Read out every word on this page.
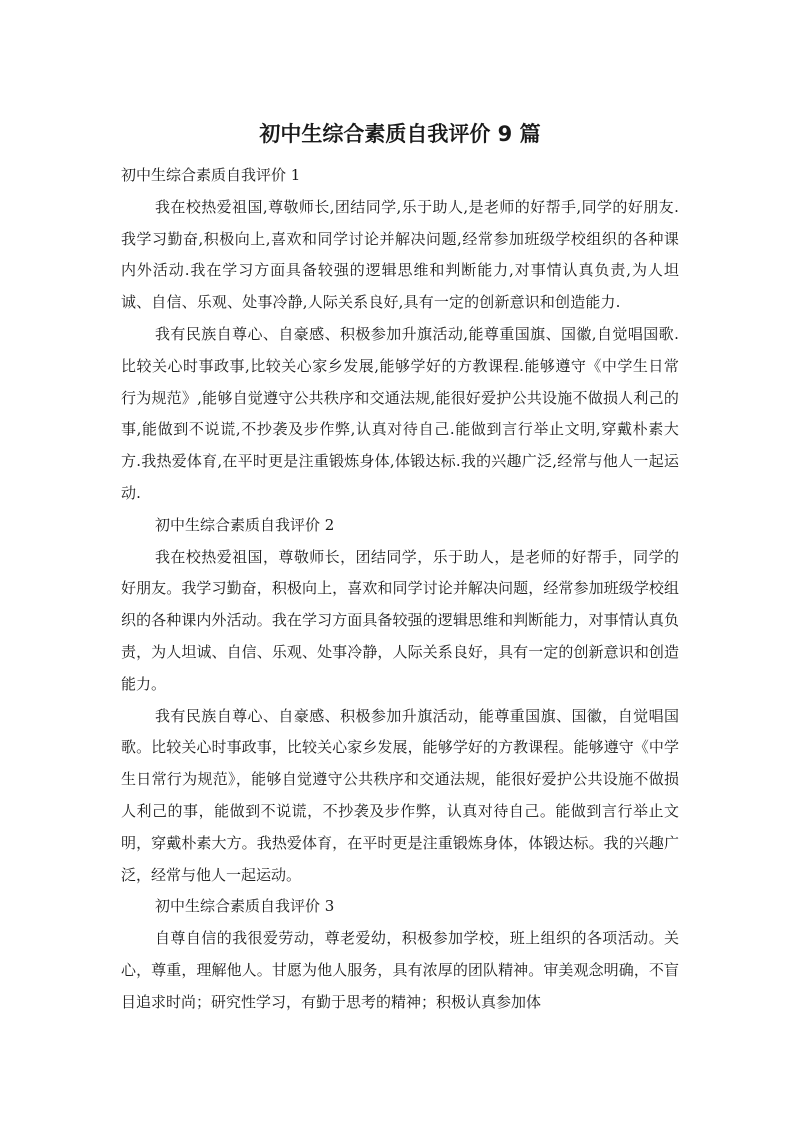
初中生综合素质自我评价 9 篇

初中生综合素质自我评价 1

我在校热爱祖国,尊敬师长,团结同学,乐于助人,是老师的好帮手,同学的好朋友.我学习勤奋,积极向上,喜欢和同学讨论并解决问题,经常参加班级学校组织的各种课内外活动.我在学习方面具备较强的逻辑思维和判断能力,对事情认真负责,为人坦诚、自信、乐观、处事冷静,人际关系良好,具有一定的创新意识和创造能力.

我有民族自尊心、自豪感、积极参加升旗活动,能尊重国旗、国徽,自觉唱国歌.比较关心时事政事,比较关心家乡发展,能够学好的方教课程.能够遵守《中学生日常行为规范》,能够自觉遵守公共秩序和交通法规,能很好爱护公共设施不做损人利己的事,能做到不说谎,不抄袭及步作弊,认真对待自己.能做到言行举止文明,穿戴朴素大方.我热爱体育,在平时更是注重锻炼身体,体锻达标.我的兴趣广泛,经常与他人一起运动.

初中生综合素质自我评价 2

我在校热爱祖国，尊敬师长，团结同学，乐于助人，是老师的好帮手，同学的好朋友。我学习勤奋，积极向上，喜欢和同学讨论并解决问题，经常参加班级学校组织的各种课内外活动。我在学习方面具备较强的逻辑思维和判断能力，对事情认真负责，为人坦诚、自信、乐观、处事冷静，人际关系良好，具有一定的创新意识和创造能力。

我有民族自尊心、自豪感、积极参加升旗活动，能尊重国旗、国徽，自觉唱国歌。比较关心时事政事，比较关心家乡发展，能够学好的方教课程。能够遵守《中学生日常行为规范》，能够自觉遵守公共秩序和交通法规，能很好爱护公共设施不做损人利己的事，能做到不说谎，不抄袭及步作弊，认真对待自己。能做到言行举止文明，穿戴朴素大方。我热爱体育，在平时更是注重锻炼身体，体锻达标。我的兴趣广泛，经常与他人一起运动。

初中生综合素质自我评价 3

自尊自信的我很爱劳动，尊老爱幼，积极参加学校，班上组织的各项活动。关心，尊重，理解他人。甘愿为他人服务，具有浓厚的团队精神。审美观念明确，不盲目追求时尚；研究性学习，有勤于思考的精神；积极认真参加体
